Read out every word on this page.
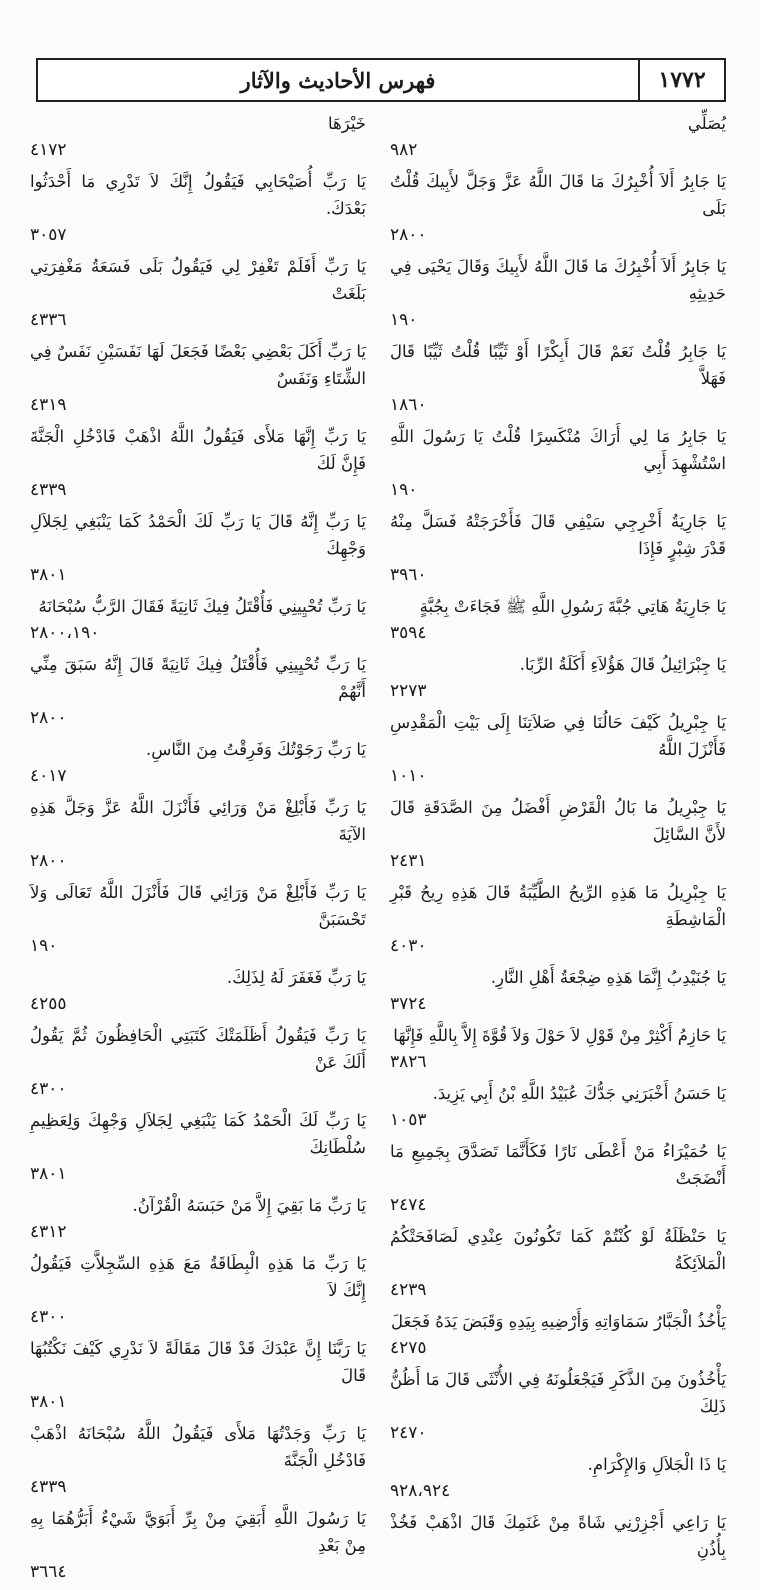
١٧٧٢
فهرس الأحاديث والآثار
يُصَلِّي
٩٨٢
يَا جَابِرُ أَلاَ أُخْبِرُكَ مَا قَالَ اللَّهُ عَزَّ وَجَلَّ لأَبِيكَ قُلْتُ بَلَى
٢٨٠٠
يَا جَابِرُ أَلاَ أُخْبِرُكَ مَا قَالَ اللَّهُ لأَبِيكَ وَقَالَ يَحْيَى فِي حَدِيثِهِ
١٩٠
يَا جَابِرُ قُلْتُ نَعَمْ قَالَ أَبِكْرًا أَوْ ثَيِّبًا قُلْتُ ثَيِّبًا قَالَ فَهَلاَّ
١٨٦٠
يَا جَابِرُ مَا لِي أَرَاكَ مُنْكَسِرًا قُلْتُ يَا رَسُولَ اللَّهِ اسْتُشْهِدَ أَبِي
١٩٠
يَا جَارِيَةُ أَخْرِجِي سَيْفِي قَالَ فَأَخْرَجَتْهُ فَسَلَّ مِنْهُ قَدْرَ شِبْرٍ فَإِذَا
٣٩٦٠
يَا جَارِيَةُ هَاتِي جُبَّةَ رَسُولِ اللَّهِ ﷺ فَجَاءَتْ بِجُبَّةٍ
٣٥٩٤
يَا جِبْرَائِيلُ قَالَ هَؤُلاَءِ أَكَلَةُ الرِّبَا.
٢٢٧٣
يَا جِبْرِيلُ كَيْفَ حَالُنَا فِي صَلاَتِنَا إِلَى بَيْتِ الْمَقْدِسِ فَأَنْزَلَ اللَّهُ
١٠١٠
يَا جِبْرِيلُ مَا بَالُ الْقَرْضِ أَفْضَلُ مِنَ الصَّدَقَةِ قَالَ لأَنَّ السَّائِلَ
٢٤٣١
يَا جِبْرِيلُ مَا هَذِهِ الرِّيحُ الطَّيِّبَةُ قَالَ هَذِهِ رِيحُ قَبْرِ الْمَاشِطَةِ
٤٠٣٠
يَا جُنَيْدِبُ إِنَّمَا هَذِهِ ضِجْعَةُ أَهْلِ النَّارِ.
٣٧٢٤
يَا حَازِمُ أَكْثِرْ مِنْ قَوْلِ لاَ حَوْلَ وَلاَ قُوَّةَ إِلاَّ بِاللَّهِ فَإِنَّهَا
٣٨٢٦
يَا حَسَنُ أَخْبَرَنِي جَدُّكَ عُبَيْدُ اللَّهِ بْنُ أَبِي يَزِيدَ.
١٠٥٣
يَا حُمَيْرَاءُ مَنْ أَعْطَى نَارًا فَكَأَنَّمَا تَصَدَّقَ بِجَمِيعِ مَا أَنْضَجَتْ
٢٤٧٤
يَا حَنْظَلَةُ لَوْ كُنْتُمْ كَمَا تَكُونُونَ عِنْدِي لَصَافَحَتْكُمُ الْمَلاَئِكَةُ
٤٢٣٩
يَأْخُذُ الْجَبَّارُ سَمَاوَاتِهِ وَأَرْضِيهِ بِيَدِهِ وَقَبَضَ يَدَهُ فَجَعَلَ
٤٢٧٥
يَأْخُذُونَ مِنَ الذَّكَرِ فَيَجْعَلُونَهُ فِي الأُنْثَى قَالَ مَا أَظُنُّ ذَلِكَ
٢٤٧٠
يَا ذَا الْجَلاَلِ وَالإِكْرَامِ.
٩٢٨،٩٢٤
يَا رَاعِي أَجْزِرْنِي شَاةً مِنْ غَنَمِكَ قَالَ اذْهَبْ فَخُذْ بِأُذُنِ
خَيْرَهَا
٤١٧٢
يَا رَبِّ أُصَيْحَابِي فَيَقُولُ إِنَّكَ لاَ تَدْرِي مَا أَحْدَثُوا بَعْدَكَ.
٣٠٥٧
يَا رَبِّ أَفَلَمْ تَغْفِرْ لِي فَيَقُولُ بَلَى فَسَعَةُ مَغْفِرَتِي بَلَغَتْ
٤٣٣٦
يَا رَبِّ أَكَلَ بَعْضِي بَعْضًا فَجَعَلَ لَهَا نَفَسَيْنِ نَفَسٌ فِي الشِّتَاءِ وَنَفَسٌ
٤٣١٩
يَا رَبِّ إِنَّهَا مَلأَى فَيَقُولُ اللَّهُ اذْهَبْ فَادْخُلِ الْجَنَّةَ فَإِنَّ لَكَ
٤٣٣٩
يَا رَبِّ إِنَّهُ قَالَ يَا رَبِّ لَكَ الْحَمْدُ كَمَا يَنْبَغِي لِجَلاَلِ وَجْهِكَ
٣٨٠١
يَا رَبِّ تُحْيِينِي فَأُقْتَلُ فِيكَ ثَانِيَةً فَقَالَ الرَّبُّ سُبْحَانَهُ
٢٨٠٠،١٩٠
يَا رَبِّ تُحْيِينِي فَأُقْتَلُ فِيكَ ثَانِيَةً قَالَ إِنَّهُ سَبَقَ مِنِّي أَنَّهُمْ
٢٨٠٠
يَا رَبِّ رَجَوْتُكَ وَفَرِقْتُ مِنَ النَّاسِ.
٤٠١٧
يَا رَبِّ فَأَبْلِغْ مَنْ وَرَائِي فَأَنْزَلَ اللَّهُ عَزَّ وَجَلَّ هَذِهِ الآيَةَ
٢٨٠٠
يَا رَبِّ فَأَبْلِغْ مَنْ وَرَائِي قَالَ فَأَنْزَلَ اللَّهُ تَعَالَى وَلاَ تَحْسَبَنَّ
١٩٠
يَا رَبِّ فَغَفَرَ لَهُ لِذَلِكَ.
٤٢٥٥
يَا رَبِّ فَيَقُولُ أَظَلَمَتْكَ كَتَبَتِي الْحَافِظُونَ ثُمَّ يَقُولُ أَلَكَ عَنْ
٤٣٠٠
يَا رَبِّ لَكَ الْحَمْدُ كَمَا يَنْبَغِي لِجَلاَلِ وَجْهِكَ وَلِعَظِيمِ سُلْطَانِكَ
٣٨٠١
يَا رَبِّ مَا بَقِيَ إِلاَّ مَنْ حَبَسَهُ الْقُرْآنُ.
٤٣١٢
يَا رَبِّ مَا هَذِهِ الْبِطَاقَةُ مَعَ هَذِهِ السِّجِلاَّتِ فَيَقُولُ إِنَّكَ لاَ
٤٣٠٠
يَا رَبَّنَا إِنَّ عَبْدَكَ قَدْ قَالَ مَقَالَةً لاَ نَدْرِي كَيْفَ نَكْتُبُهَا قَالَ
٣٨٠١
يَا رَبِّ وَجَدْتُهَا مَلأَى فَيَقُولُ اللَّهُ سُبْحَانَهُ اذْهَبْ فَادْخُلِ الْجَنَّةَ
٤٣٣٩
يَا رَسُولَ اللَّهِ أَبَقِيَ مِنْ بِرِّ أَبَوَيَّ شَيْءٌ أَبَرُّهُمَا بِهِ مِنْ بَعْدِ
٣٦٦٤
